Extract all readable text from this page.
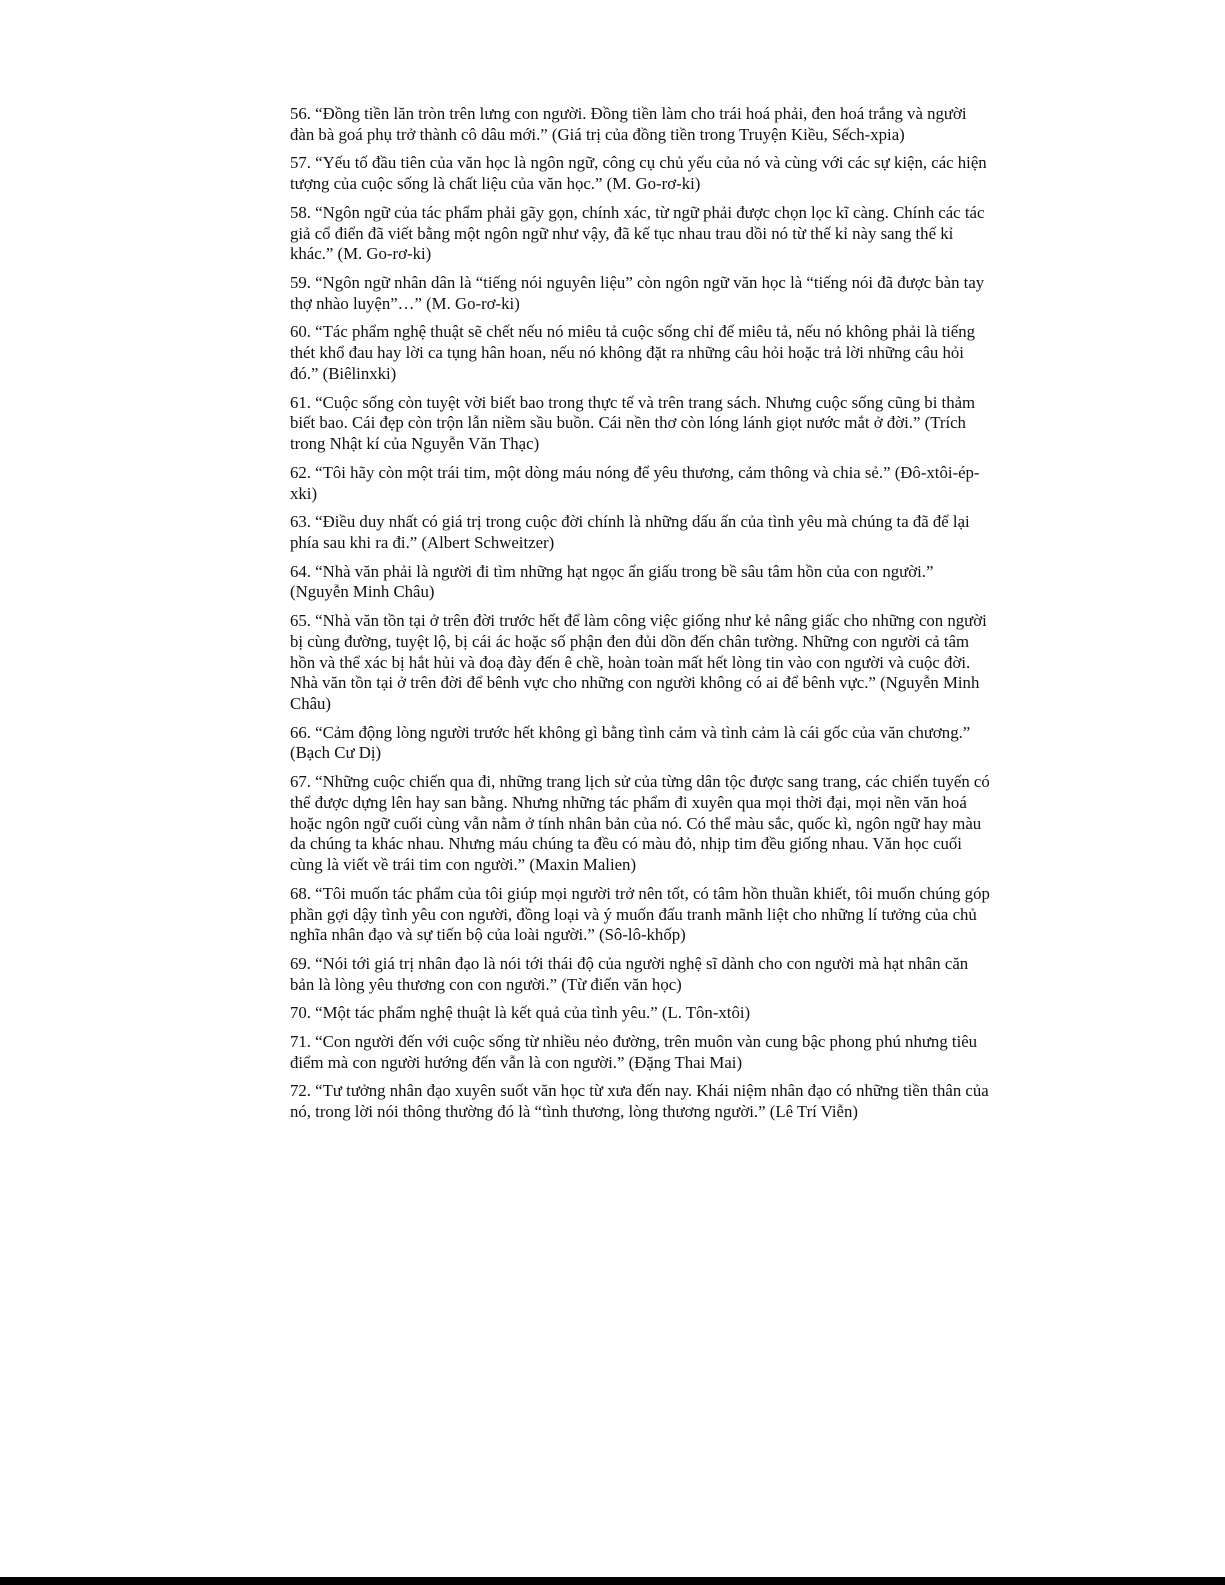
56. “Đồng tiền lăn tròn trên lưng con người. Đồng tiền làm cho trái hoá phải, đen hoá trắng và người đàn bà goá phụ trở thành cô dâu mới.” (Giá trị của đồng tiền trong Truyện Kiều, Sếch-xpia)

57. “Yếu tố đầu tiên của văn học là ngôn ngữ, công cụ chủ yếu của nó và cùng với các sự kiện, các hiện tượng của cuộc sống là chất liệu của văn học.” (M. Go-rơ-ki)

58. “Ngôn ngữ của tác phẩm phải gãy gọn, chính xác, từ ngữ phải được chọn lọc kĩ càng. Chính các tác giả cổ điển đã viết bằng một ngôn ngữ như vậy, đã kế tục nhau trau dồi nó từ thế kỉ này sang thế kỉ khác.” (M. Go-rơ-ki)

59. “Ngôn ngữ nhân dân là “tiếng nói nguyên liệu” còn ngôn ngữ văn học là “tiếng nói đã được bàn tay thợ nhào luyện”…” (M. Go-rơ-ki)

60. “Tác phẩm nghệ thuật sẽ chết nếu nó miêu tả cuộc sống chỉ để miêu tả, nếu nó không phải là tiếng thét khổ đau hay lời ca tụng hân hoan, nếu nó không đặt ra những câu hỏi hoặc trả lời những câu hỏi đó.” (Biêlinxki)

61. “Cuộc sống còn tuyệt vời biết bao trong thực tế và trên trang sách. Nhưng cuộc sống cũng bi thảm biết bao. Cái đẹp còn trộn lẫn niềm sầu buồn. Cái nền thơ còn lóng lánh giọt nước mắt ở đời.” (Trích trong Nhật kí của Nguyễn Văn Thạc)

62. “Tôi hãy còn một trái tim, một dòng máu nóng để yêu thương, cảm thông và chia sẻ.” (Đô-xtôi-ép-xki)

63. “Điều duy nhất có giá trị trong cuộc đời chính là những dấu ấn của tình yêu mà chúng ta đã để lại phía sau khi ra đi.” (Albert Schweitzer)

64. “Nhà văn phải là người đi tìm những hạt ngọc ẩn giấu trong bề sâu tâm hồn của con người.” (Nguyễn Minh Châu)

65. “Nhà văn tồn tại ở trên đời trước hết để làm công việc giống như kẻ nâng giấc cho những con người bị cùng đường, tuyệt lộ, bị cái ác hoặc số phận đen đủi dồn đến chân tường. Những con người cả tâm hồn và thể xác bị hắt hủi và đoạ đày đến ê chề, hoàn toàn mất hết lòng tin vào con người và cuộc đời. Nhà văn tồn tại ở trên đời để bênh vực cho những con người không có ai để bênh vực.” (Nguyễn Minh Châu)

66. “Cảm động lòng người trước hết không gì bằng tình cảm và tình cảm là cái gốc của văn chương.” (Bạch Cư Dị)

67. “Những cuộc chiến qua đi, những trang lịch sử của từng dân tộc được sang trang, các chiến tuyến có thể được dựng lên hay san bằng. Nhưng những tác phẩm đi xuyên qua mọi thời đại, mọi nền văn hoá hoặc ngôn ngữ cuối cùng vẫn nằm ở tính nhân bản của nó. Có thể màu sắc, quốc kì, ngôn ngữ hay màu da chúng ta khác nhau. Nhưng máu chúng ta đều có màu đỏ, nhịp tim đều giống nhau. Văn học cuối cùng là viết về trái tim con người.” (Maxin Malien)

68. “Tôi muốn tác phẩm của tôi giúp mọi người trở nên tốt, có tâm hồn thuần khiết, tôi muốn chúng góp phần gợi dậy tình yêu con người, đồng loại và ý muốn đấu tranh mãnh liệt cho những lí tưởng của chủ nghĩa nhân đạo và sự tiến bộ của loài người.” (Sô-lô-khốp)

69. “Nói tới giá trị nhân đạo là nói tới thái độ của người nghệ sĩ dành cho con người mà hạt nhân căn bản là lòng yêu thương con con người.” (Từ điển văn học)

70. “Một tác phẩm nghệ thuật là kết quả của tình yêu.” (L. Tôn-xtôi)

71. “Con người đến với cuộc sống từ nhiều nẻo đường, trên muôn vàn cung bậc phong phú nhưng tiêu điểm mà con người hướng đến vẫn là con người.” (Đặng Thai Mai)

72. “Tư tưởng nhân đạo xuyên suốt văn học từ xưa đến nay. Khái niệm nhân đạo có những tiền thân của nó, trong lời nói thông thường đó là “tình thương, lòng thương người.” (Lê Trí Viễn)
